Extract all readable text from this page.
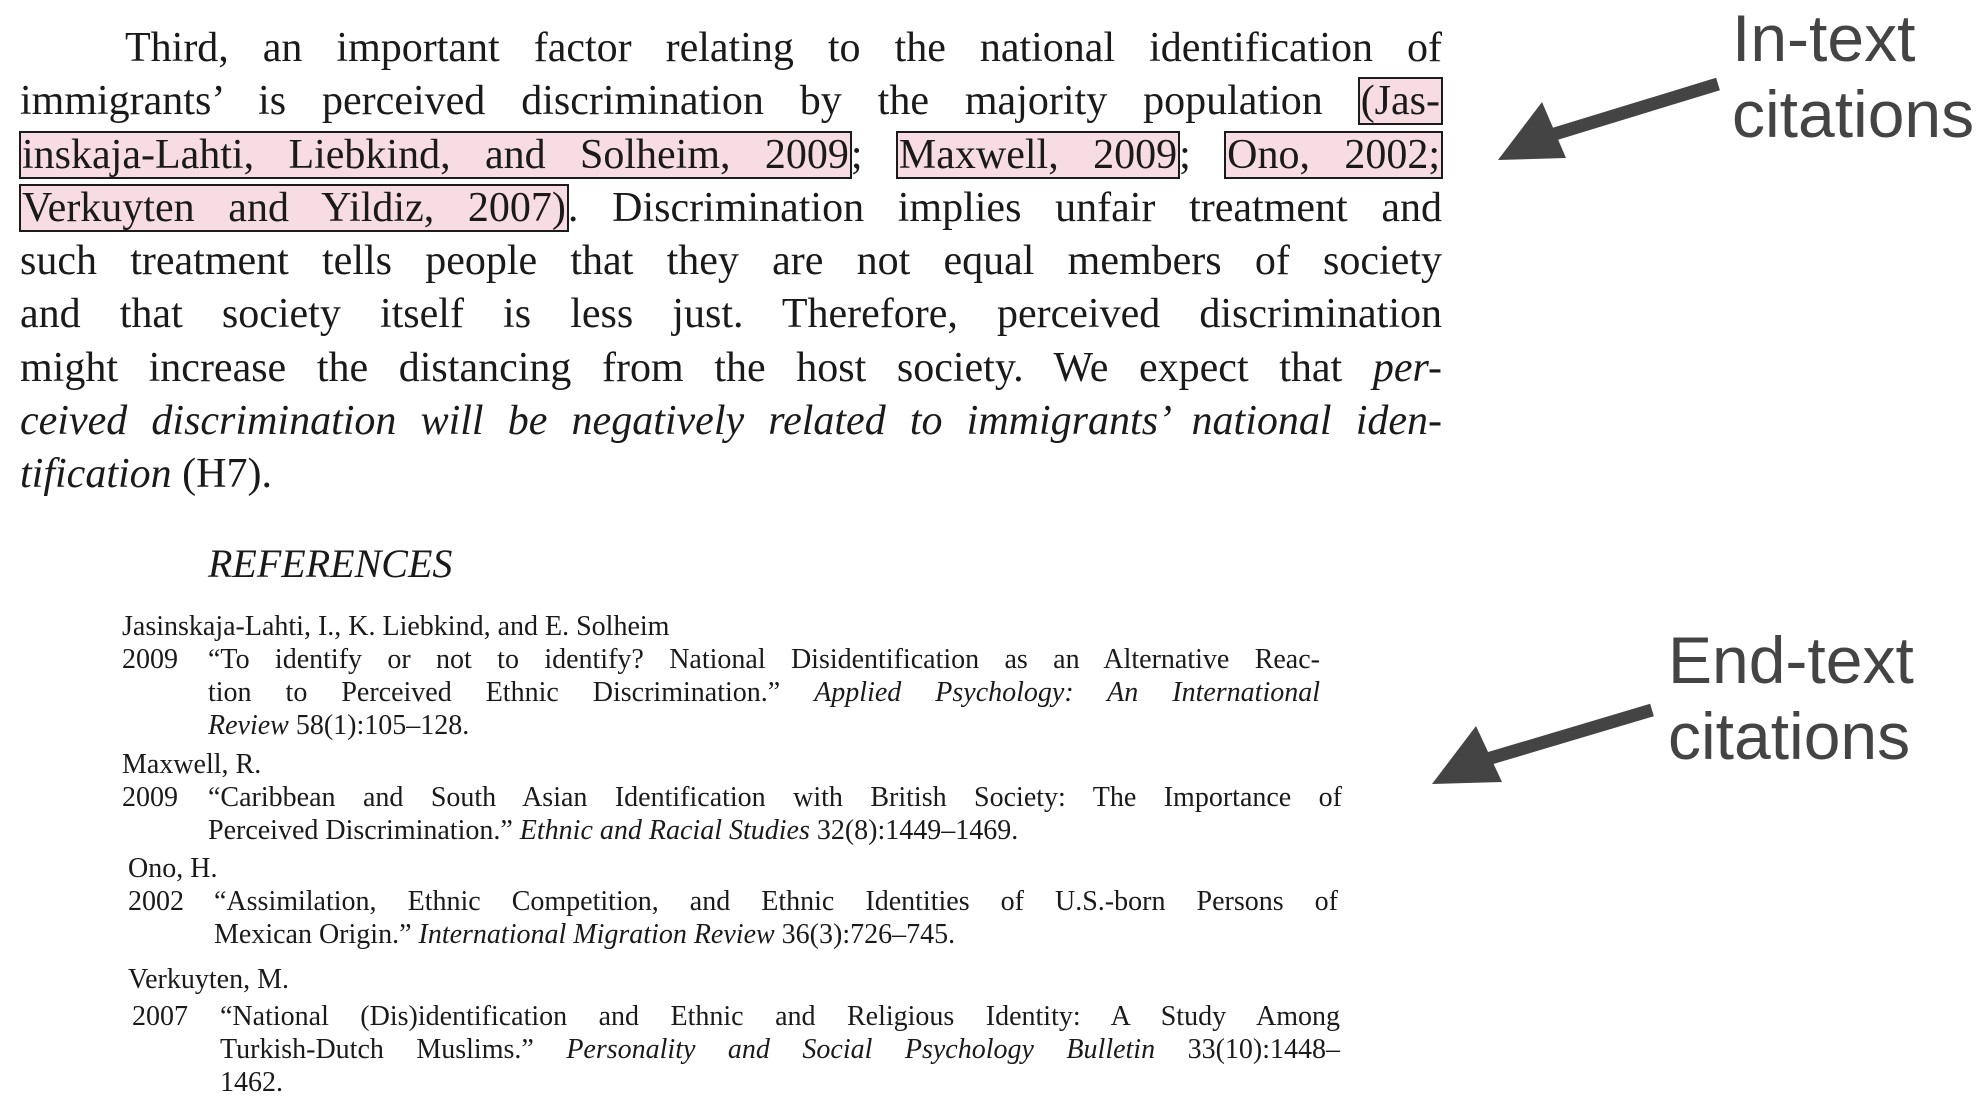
Third, an important factor relating to the national identification of
immigrants’ is perceived discrimination by the majority population (Jas-
inskaja-Lahti, Liebkind, and Solheim, 2009; Maxwell, 2009; Ono, 2002;
Verkuyten and Yildiz, 2007). Discrimination implies unfair treatment and
such treatment tells people that they are not equal members of society
and that society itself is less just. Therefore, perceived discrimination
might increase the distancing from the host society. We expect that per-
ceived discrimination will be negatively related to immigrants’ national iden-
tification (H7).
REFERENCES
Jasinskaja-Lahti, I., K. Liebkind, and E. Solheim
2009	“To identify or not to identify? National Disidentification as an Alternative Reac-
tion to Perceived Ethnic Discrimination.” Applied Psychology: An International
Review 58(1):105–128.
Maxwell, R.
2009	“Caribbean and South Asian Identification with British Society: The Importance of
Perceived Discrimination.” Ethnic and Racial Studies 32(8):1449–1469.
Ono, H.
2002	“Assimilation, Ethnic Competition, and Ethnic Identities of U.S.-born Persons of
Mexican Origin.” International Migration Review 36(3):726–745.
Verkuyten, M.
2007	“National (Dis)identification and Ethnic and Religious Identity: A Study Among
Turkish-Dutch Muslims.” Personality and Social Psychology Bulletin 33(10):1448–
1462.
In-text
citations
End-text
citations
